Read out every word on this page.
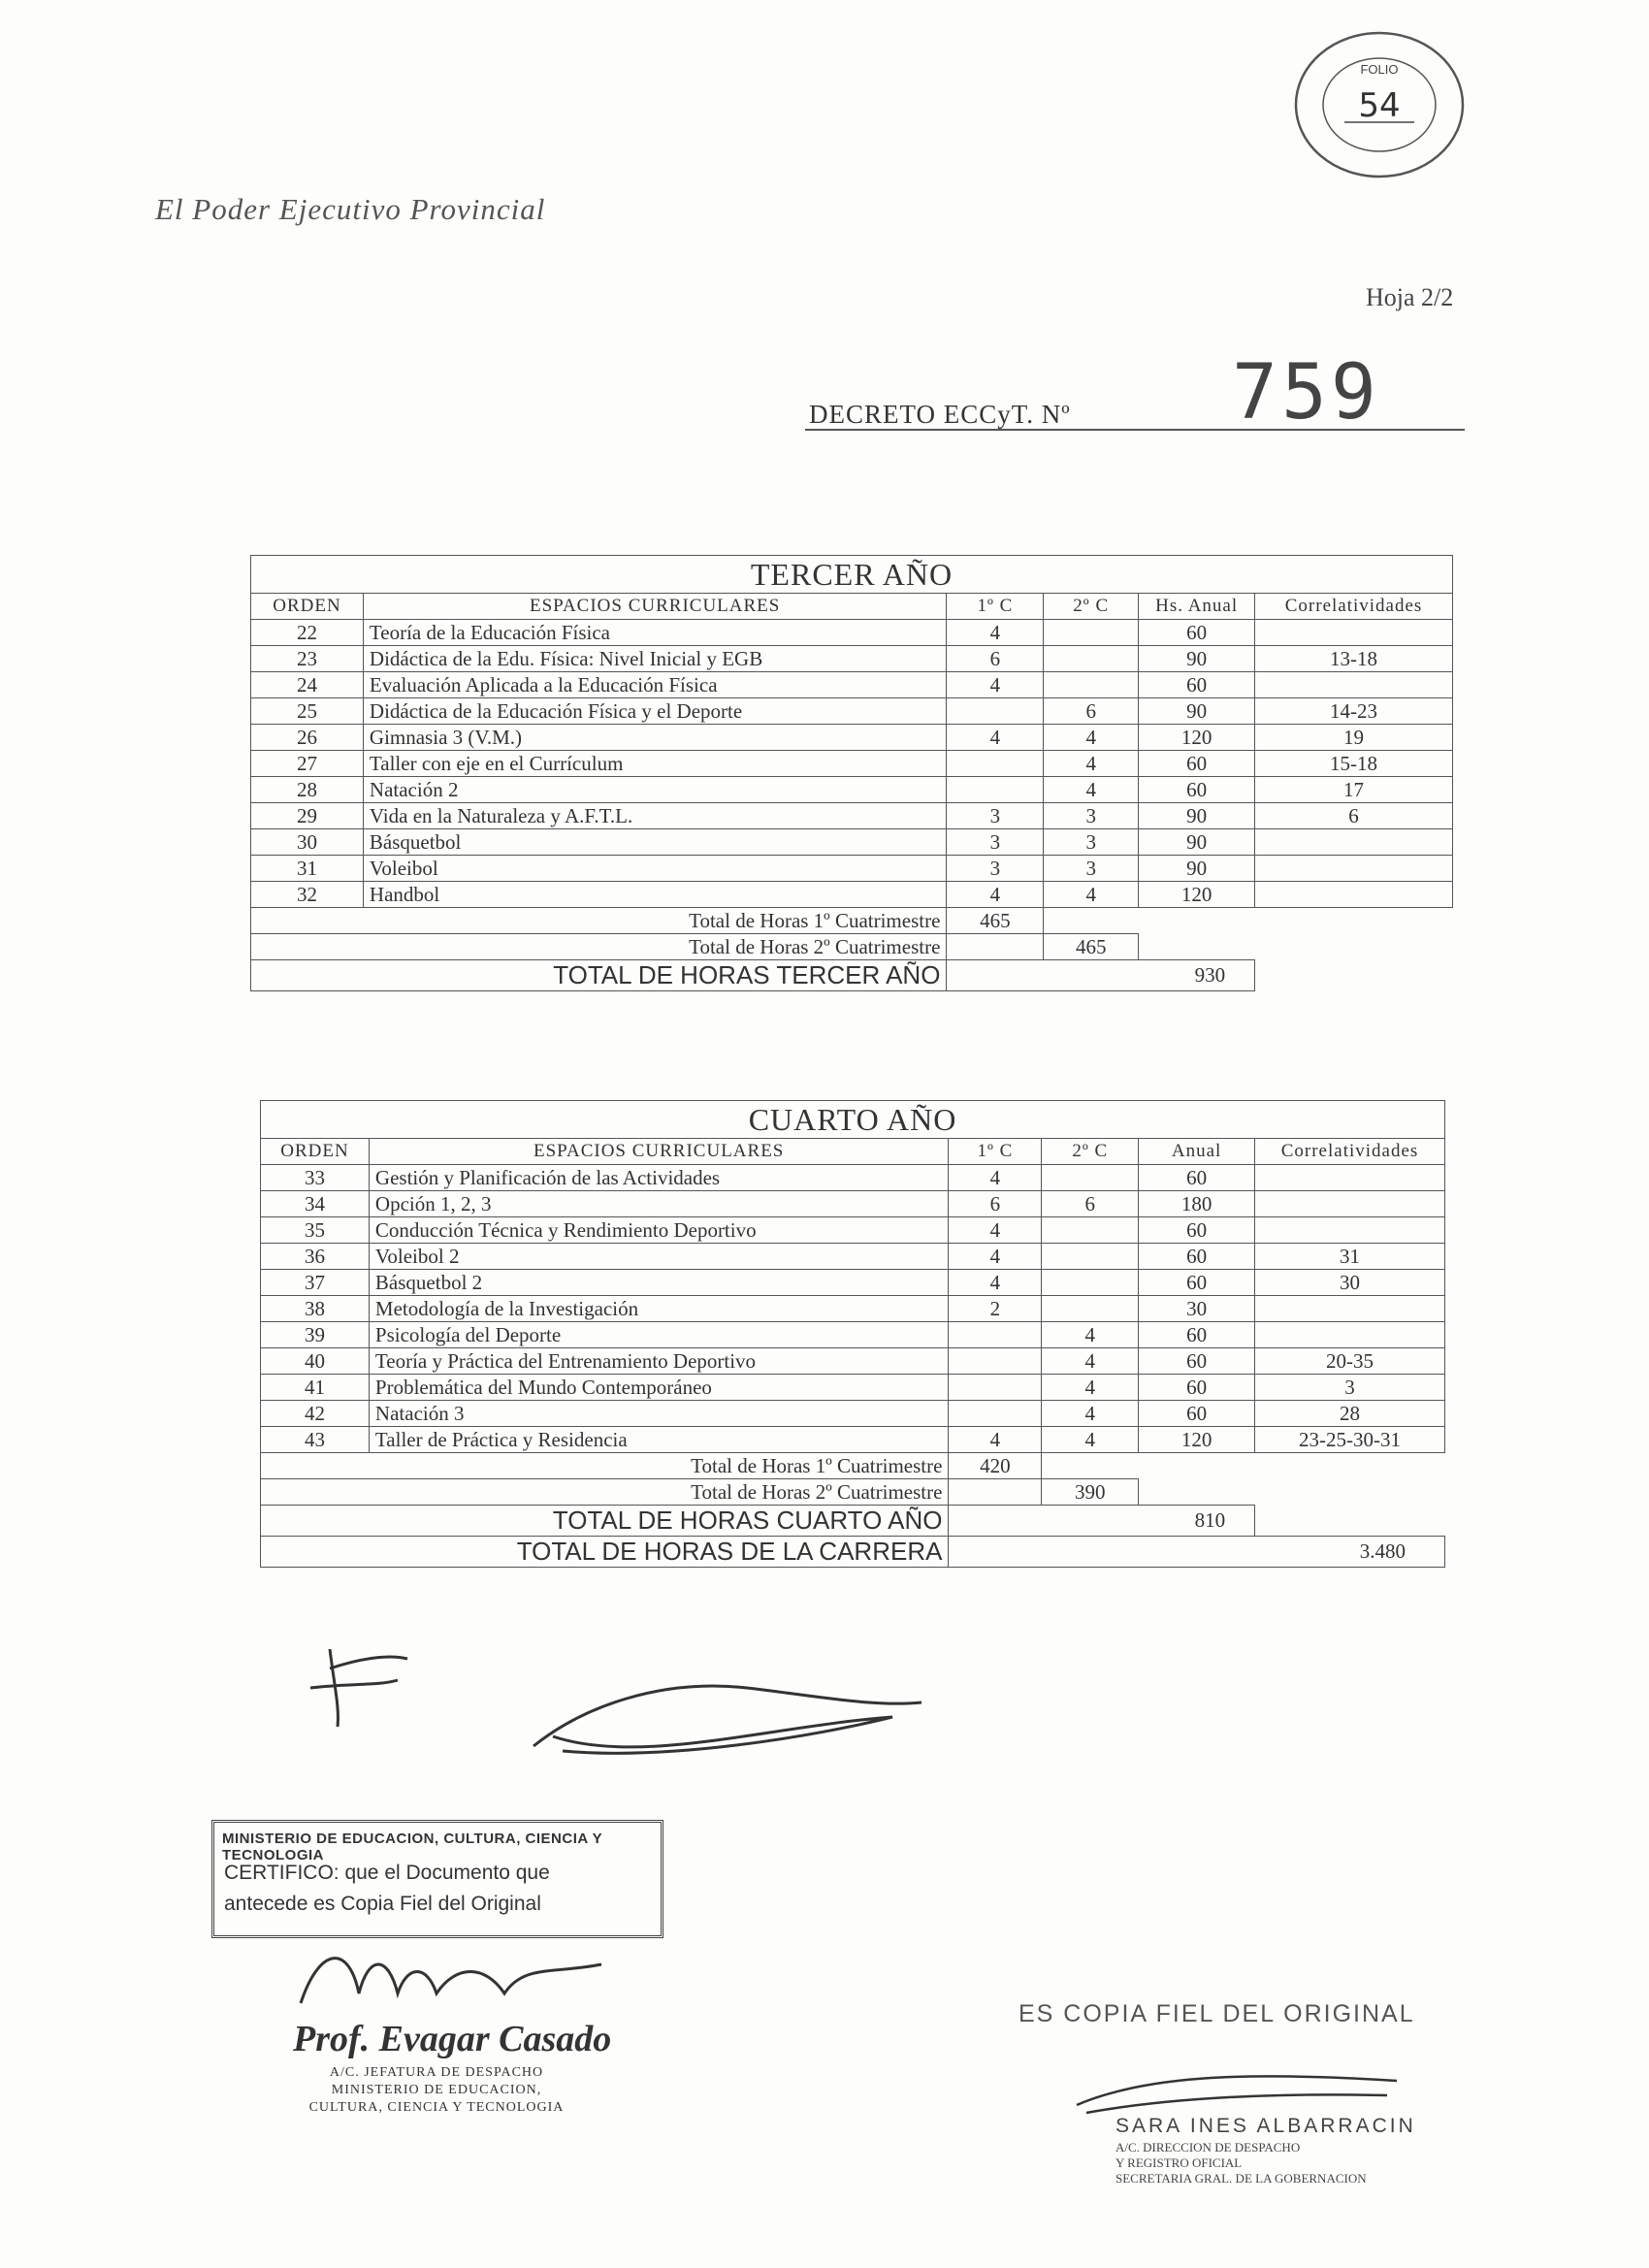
El Poder Ejecutivo Provincial
Hoja 2/2
DECRETO ECCyT. Nº 759
FOLIO
54
TERCER AÑO					
ORDEN	ESPACIOS CURRICULARES	1º C	2º C	Hs. Anual	Correlatividades
22	Teoría de la Educación Física	4		60	
23	Didáctica de la Edu. Física: Nivel Inicial y EGB	6		90	13-18
24	Evaluación Aplicada a la Educación Física	4		60	
25	Didáctica de la Educación Física y el Deporte		6	90	14-23
26	Gimnasia 3 (V.M.)	4	4	120	19
27	Taller con eje en el Currículum		4	60	15-18
28	Natación 2		4	60	17
29	Vida en la Naturaleza y A.F.T.L.	3	3	90	6
30	Básquetbol	3	3	90	
31	Voleibol	3	3	90	
32	Handbol	4	4	120	
Total de Horas 1º Cuatrimestre		465			
Total de Horas 2º Cuatrimestre			465		
TOTAL DE HORAS TERCER AÑO		930			
CUARTO AÑO					
ORDEN	ESPACIOS CURRICULARES	1º C	2º C	Anual	Correlatividades
33	Gestión y Planificación de las Actividades	4		60	
34	Opción 1, 2, 3	6	6	180	
35	Conducción Técnica y Rendimiento Deportivo	4		60	
36	Voleibol 2	4		60	31
37	Básquetbol 2	4		60	30
38	Metodología de la Investigación	2		30	
39	Psicología del Deporte		4	60	
40	Teoría y Práctica del Entrenamiento Deportivo		4	60	20-35
41	Problemática del Mundo Contemporáneo		4	60	3
42	Natación 3		4	60	28
43	Taller de Práctica y Residencia	4	4	120	23-25-30-31
Total de Horas 1º Cuatrimestre		420			
Total de Horas 2º Cuatrimestre			390		
TOTAL DE HORAS CUARTO AÑO		810			
TOTAL DE HORAS DE LA CARRERA		3.480			
MINISTERIO DE EDUCACION, CULTURA, CIENCIA Y TECNOLOGIA
CERTIFICO: que el Documento que
antecede es Copia Fiel del Original
Prof. Evagar Casado
A/C. JEFATURA DE DESPACHO
MINISTERIO DE EDUCACION,
CULTURA, CIENCIA Y TECNOLOGIA
ES COPIA FIEL DEL ORIGINAL
SARA INES ALBARRACIN
A/C. DIRECCION DE DESPACHO
Y REGISTRO OFICIAL
SECRETARIA GRAL. DE LA GOBERNACION
